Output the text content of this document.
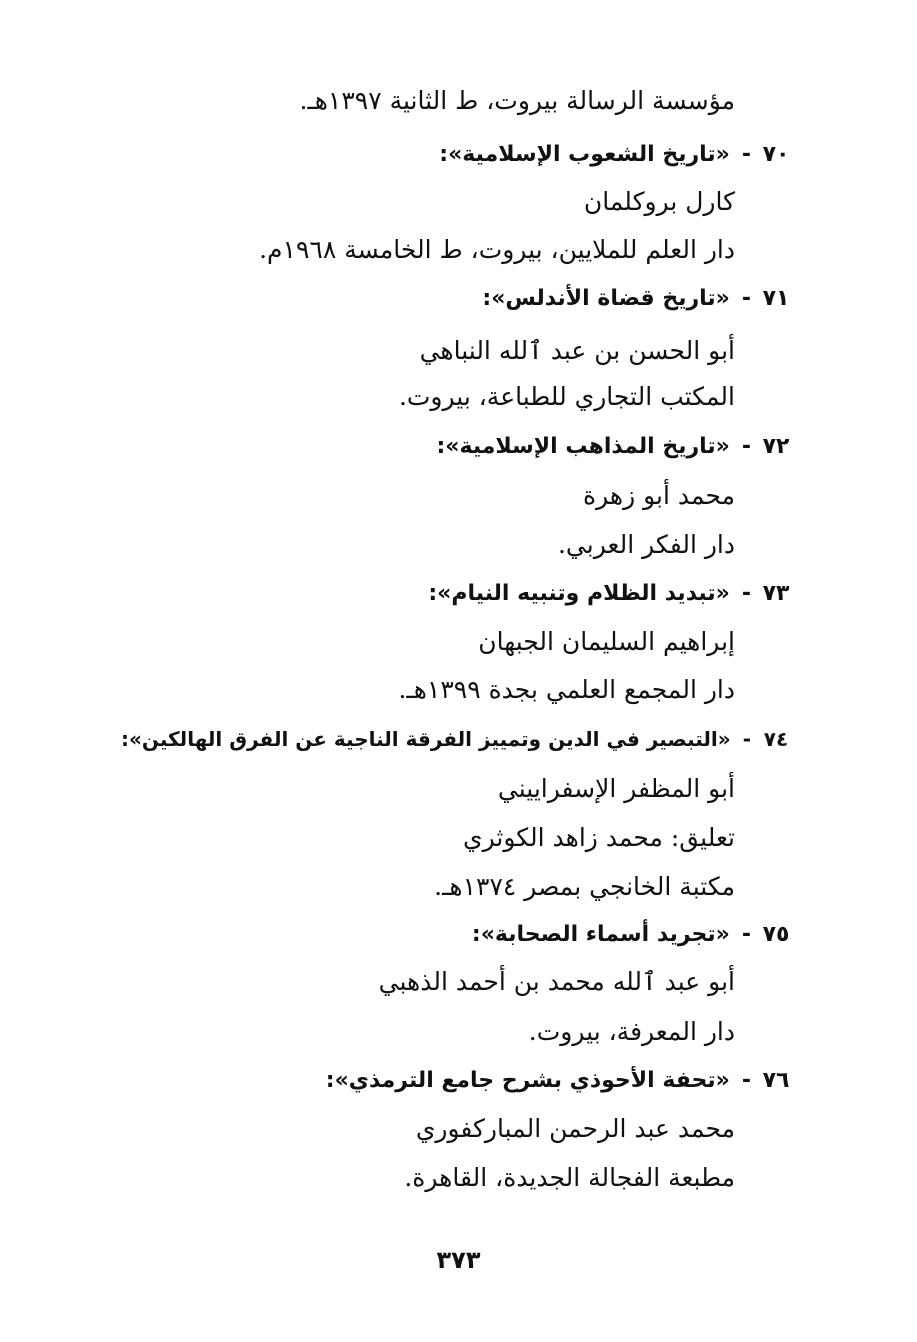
مؤسسة الرسالة بيروت، ط الثانية ١٣٩٧هـ.
٧٠-«تاريخ الشعوب الإسلامية»:
كارل بروكلمان
دار العلم للملايين، بيروت، ط الخامسة ١٩٦٨م.
٧١-«تاريخ قضاة الأندلس»:
أبو الحسن بن عبد ٱلله النباهي
المكتب التجاري للطباعة، بيروت.
٧٢-«تاريخ المذاهب الإسلامية»:
محمد أبو زهرة
دار الفكر العربي.
٧٣-«تبديد الظلام وتنبيه النيام»:
إبراهيم السليمان الجبهان
دار المجمع العلمي بجدة ١٣٩٩هـ.
٧٤-«التبصير في الدين وتمييز الفرقة الناجية عن الفرق الهالكين»:
أبو المظفر الإسفراييني
تعليق: محمد زاهد الكوثري
مكتبة الخانجي بمصر ١٣٧٤هـ.
٧٥-«تجريد أسماء الصحابة»:
أبو عبد ٱلله محمد بن أحمد الذهبي
دار المعرفة، بيروت.
٧٦-«تحفة الأحوذي بشرح جامع الترمذي»:
محمد عبد الرحمن المباركفوري
مطبعة الفجالة الجديدة، القاهرة.
٣٧٣
